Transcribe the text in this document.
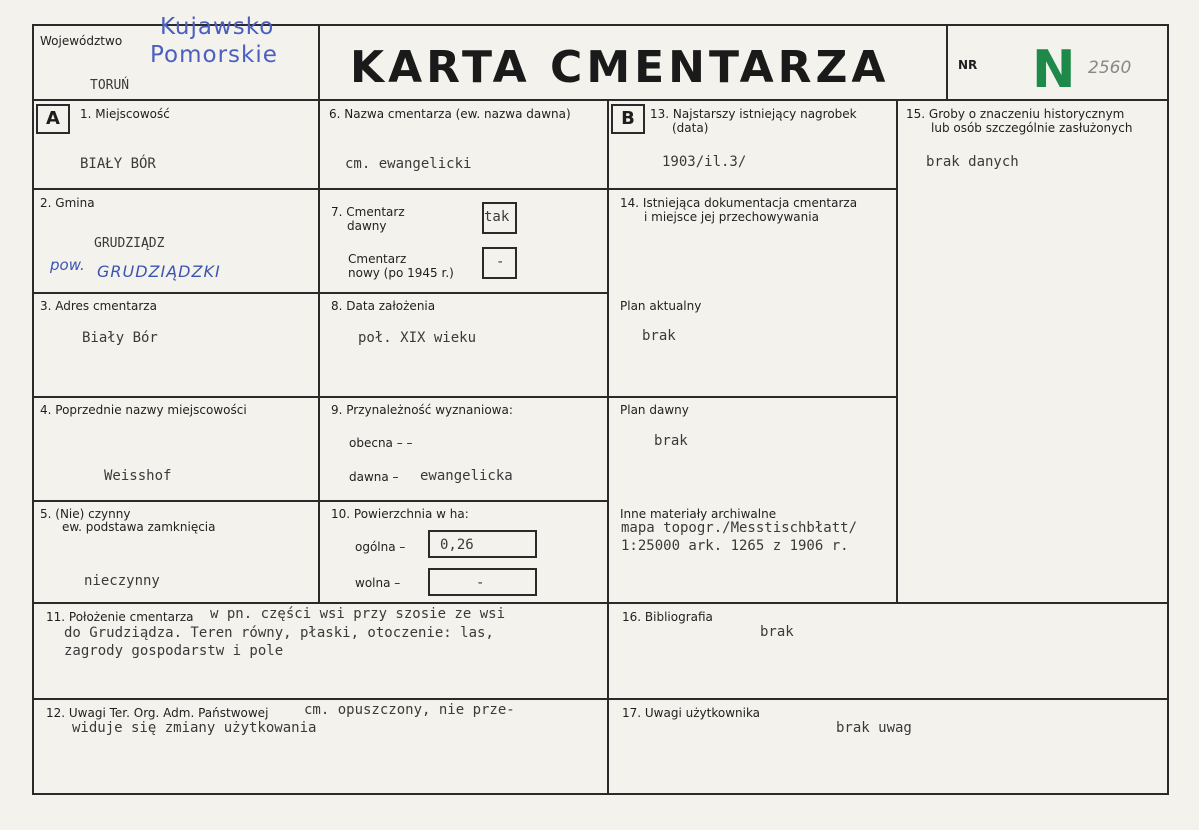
Województwo
Kujawsko
Pomorskie
TORUŃ	KARTA CMENTARZA	NR N 2560
A	B
1. Miejscowość
BIAŁY BÓR
6. Nazwa cmentarza (ew. nazwa dawna)
cm. ewangelicki
13. Najstarszy istniejący nagrobek
(data)
1903/il.3/
15. Groby o znaczeniu historycznym
lub osób szczególnie zasłużonych
brak danych
2. Gmina
GRUDZIĄDZ
pow. GRUDZIĄDZKI
7. Cmentarz
dawny
tak
Cmentarz
nowy (po 1945 r.)
-
14. Istniejąca dokumentacja cmentarza
i miejsce jej przechowywania
Plan aktualny
brak
3. Adres cmentarza
Biały Bór
8. Data założenia
poł. XIX wieku
4. Poprzednie nazwy miejscowości
Weisshof
9. Przynależność wyznaniowa:
obecna – –
dawna – ewangelicka
Plan dawny
brak
5. (Nie) czynny
ew. podstawa zamknięcia
nieczynny
10. Powierzchnia w ha:
ogólna –	0,26
wolna –	-
Inne materiały archiwalne
mapa topogr./Messtischbłatt/
1:25000 ark. 1265 z 1906 r.
11. Położenie cmentarza w pn. części wsi przy szosie ze wsi
do Grudziądza. Teren równy, płaski, otoczenie: las,
zagrody gospodarstw i pole
16. Bibliografia
brak
12. Uwagi Ter. Org. Adm. Państwowej	cm. opuszczony, nie prze-
widuje się zmiany użytkowania
17. Uwagi użytkownika
brak uwag
